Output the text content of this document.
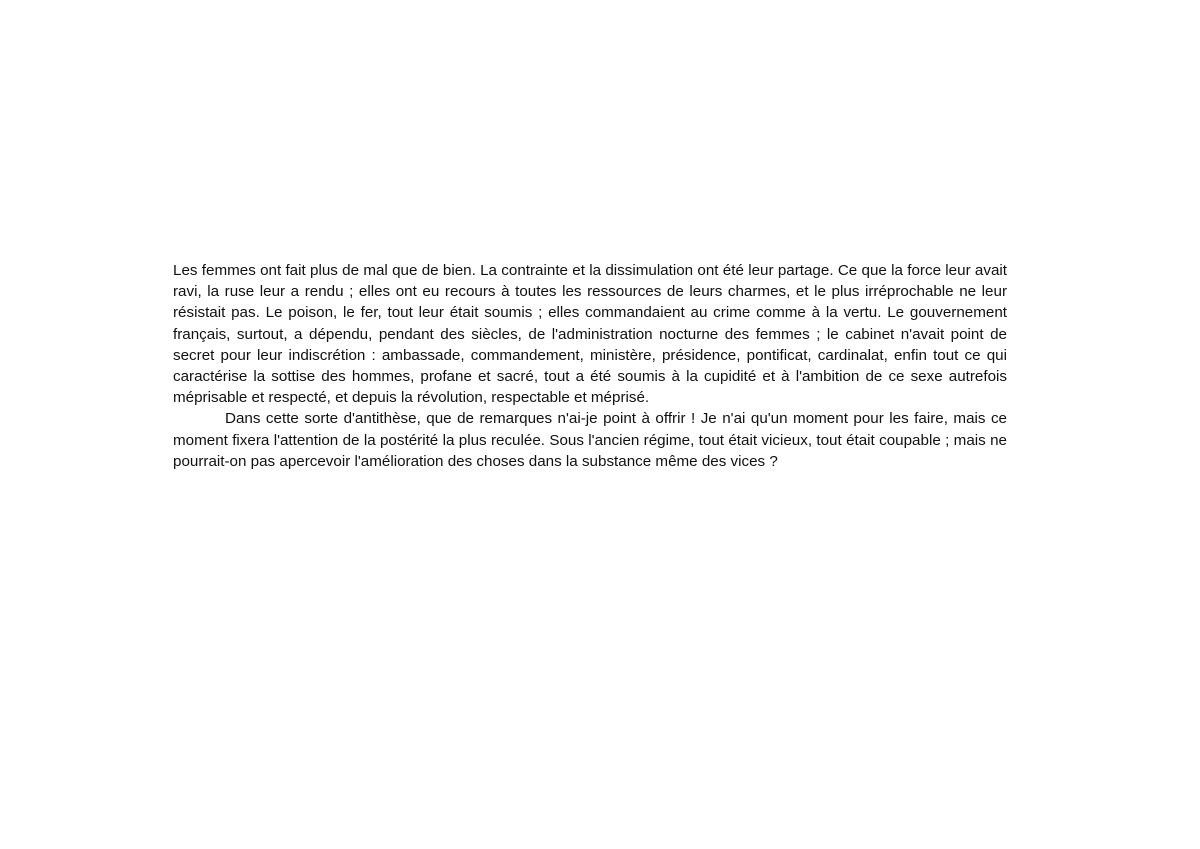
Les femmes ont fait plus de mal que de bien. La contrainte et la dissimulation ont été leur partage. Ce que la force leur avait ravi, la ruse leur a rendu ; elles ont eu recours à toutes les ressources de leurs charmes, et le plus irréprochable ne leur résistait pas. Le poison, le fer, tout leur était soumis ; elles commandaient au crime comme à la vertu. Le gouvernement français, surtout, a dépendu, pendant des siècles, de l'administration nocturne des femmes ; le cabinet n'avait point de secret pour leur indiscrétion : ambassade, commandement, ministère, présidence, pontificat, cardinalat, enfin tout ce qui caractérise la sottise des hommes, profane et sacré, tout a été soumis à la cupidité et à l'ambition de ce sexe autrefois méprisable et respecté, et depuis la révolution, respectable et méprisé.

Dans cette sorte d'antithèse, que de remarques n'ai-je point à offrir ! Je n'ai qu'un moment pour les faire, mais ce moment fixera l'attention de la postérité la plus reculée. Sous l'ancien régime, tout était vicieux, tout était coupable ; mais ne pourrait-on pas apercevoir l'amélioration des choses dans la substance même des vices ?
